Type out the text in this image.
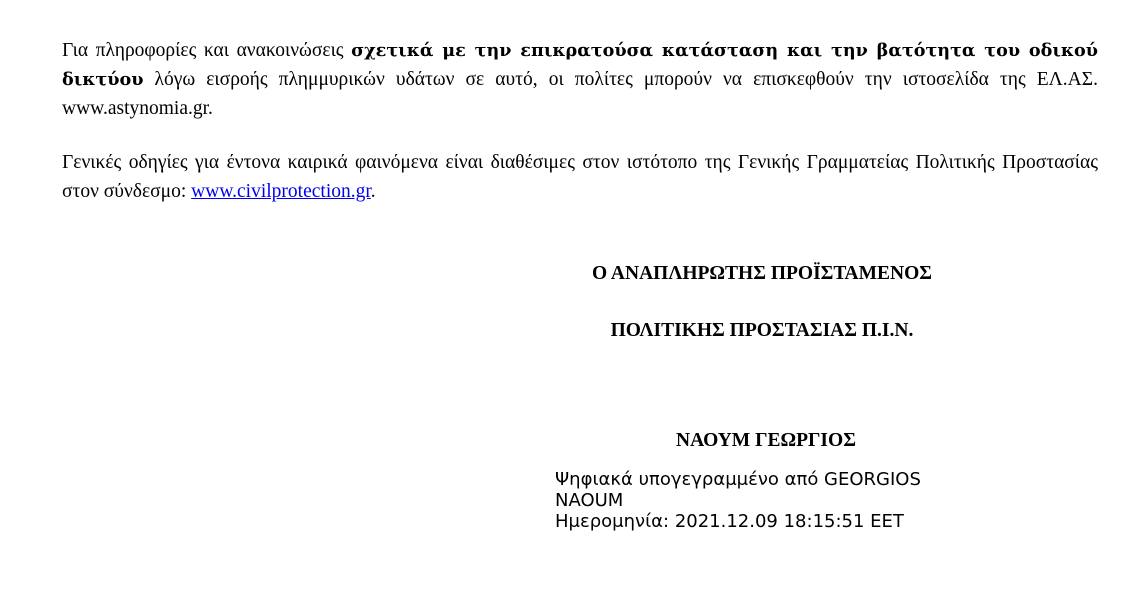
Για πληροφορίες και ανακοινώσεις σχετικά με την επικρατούσα κατάσταση και την βατότητα του οδικού δικτύου λόγω εισροής πλημμυρικών υδάτων σε αυτό, οι πολίτες μπορούν να επισκεφθούν την ιστοσελίδα της ΕΛ.ΑΣ. www.astynomia.gr.

Γενικές οδηγίες για έντονα καιρικά φαινόμενα είναι διαθέσιμες στον ιστότοπο της Γενικής Γραμματείας Πολιτικής Προστασίας στον σύνδεσμο: www.civilprotection.gr.

Ο ΑΝΑΠΛΗΡΩΤΗΣ ΠΡΟΪΣΤΑΜΕΝΟΣ

ΠΟΛΙΤΙΚΗΣ ΠΡΟΣΤΑΣΙΑΣ Π.Ι.Ν.

ΝΑΟΥΜ ΓΕΩΡΓΙΟΣ

Ψηφιακά υπογεγραμμένο από GEORGIOS
NAOUM
Ημερομηνία: 2021.12.09 18:15:51 EET
